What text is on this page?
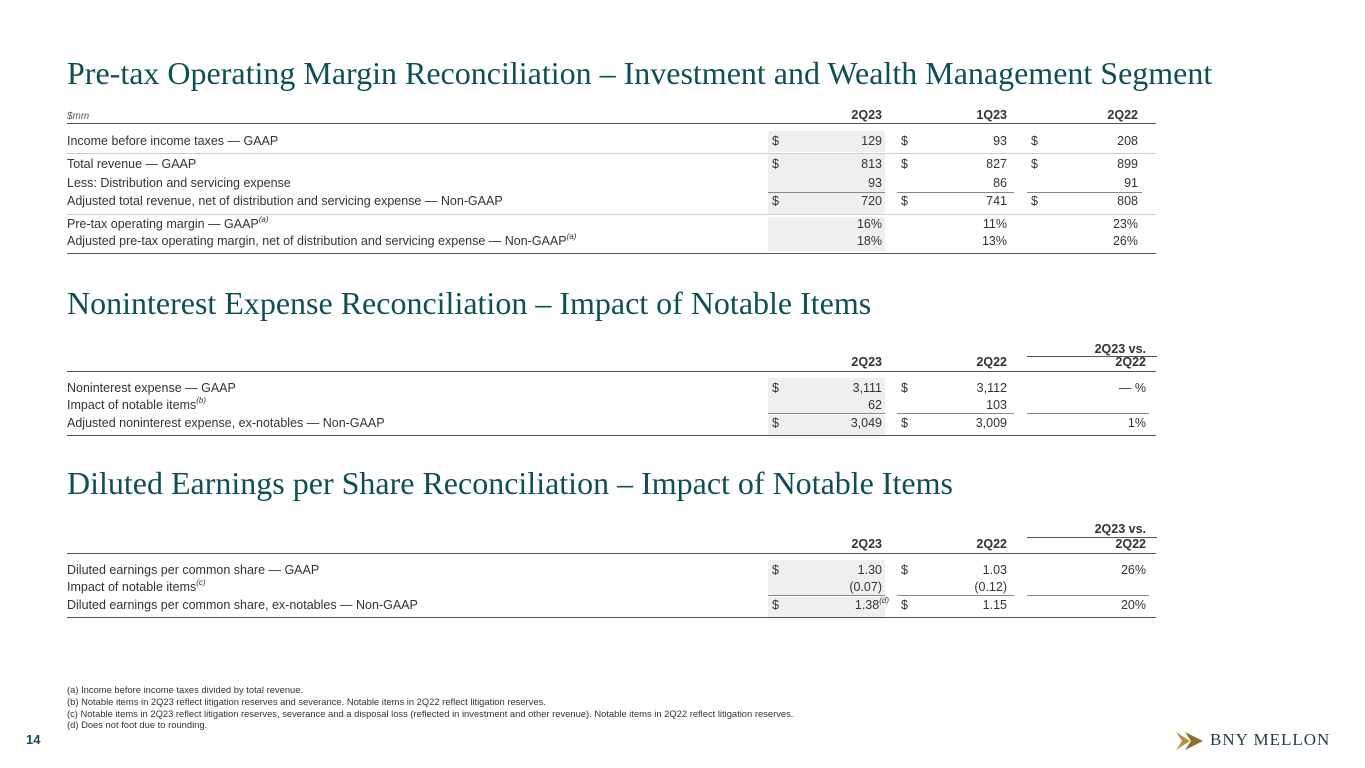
Pre-tax Operating Margin Reconciliation – Investment and Wealth Management Segment
$mm	2Q23	1Q23	2Q22
Income before income taxes — GAAP	$	129 $	93 $	208
Total revenue — GAAP	$	813 $	827 $	899
Less: Distribution and servicing expense	93	86	91
Adjusted total revenue, net of distribution and servicing expense — Non-GAAP	$	720 $	741 $	808
Pre-tax operating margin — GAAP$^{(a)}$	16%	11%	23%
Adjusted pre-tax operating margin, net of distribution and servicing expense — Non-GAAP$^{(a)}$	18%	13%	26%
Noninterest Expense Reconciliation – Impact of Notable Items
2Q23 vs.
2Q23	2Q22	2Q22
Noninterest expense — GAAP	$	3,111 $	3,112	— %
Impact of notable items$^{(b)}$	62	103
Adjusted noninterest expense, ex-notables — Non-GAAP	$	3,049 $	3,009	1%
Diluted Earnings per Share Reconciliation – Impact of Notable Items
2Q23 vs.
2Q23	2Q22	2Q22
Diluted earnings per common share — GAAP	$	1.30 $	1.03	26%
Impact of notable items$^{(c)}$	(0.07)	(0.12)
Diluted earnings per common share, ex-notables — Non-GAAP	$	1.38$^{(d)}$ $	1.15	20%
(a) Income before income taxes divided by total revenue.
(b) Notable items in 2Q23 reflect litigation reserves and severance. Notable items in 2Q22 reflect litigation reserves.
(c) Notable items in 2Q23 reflect litigation reserves, severance and a disposal loss (reflected in investment and other revenue). Notable items in 2Q22 reflect litigation reserves.
(d) Does not foot due to rounding.
14	BNY MELLON
